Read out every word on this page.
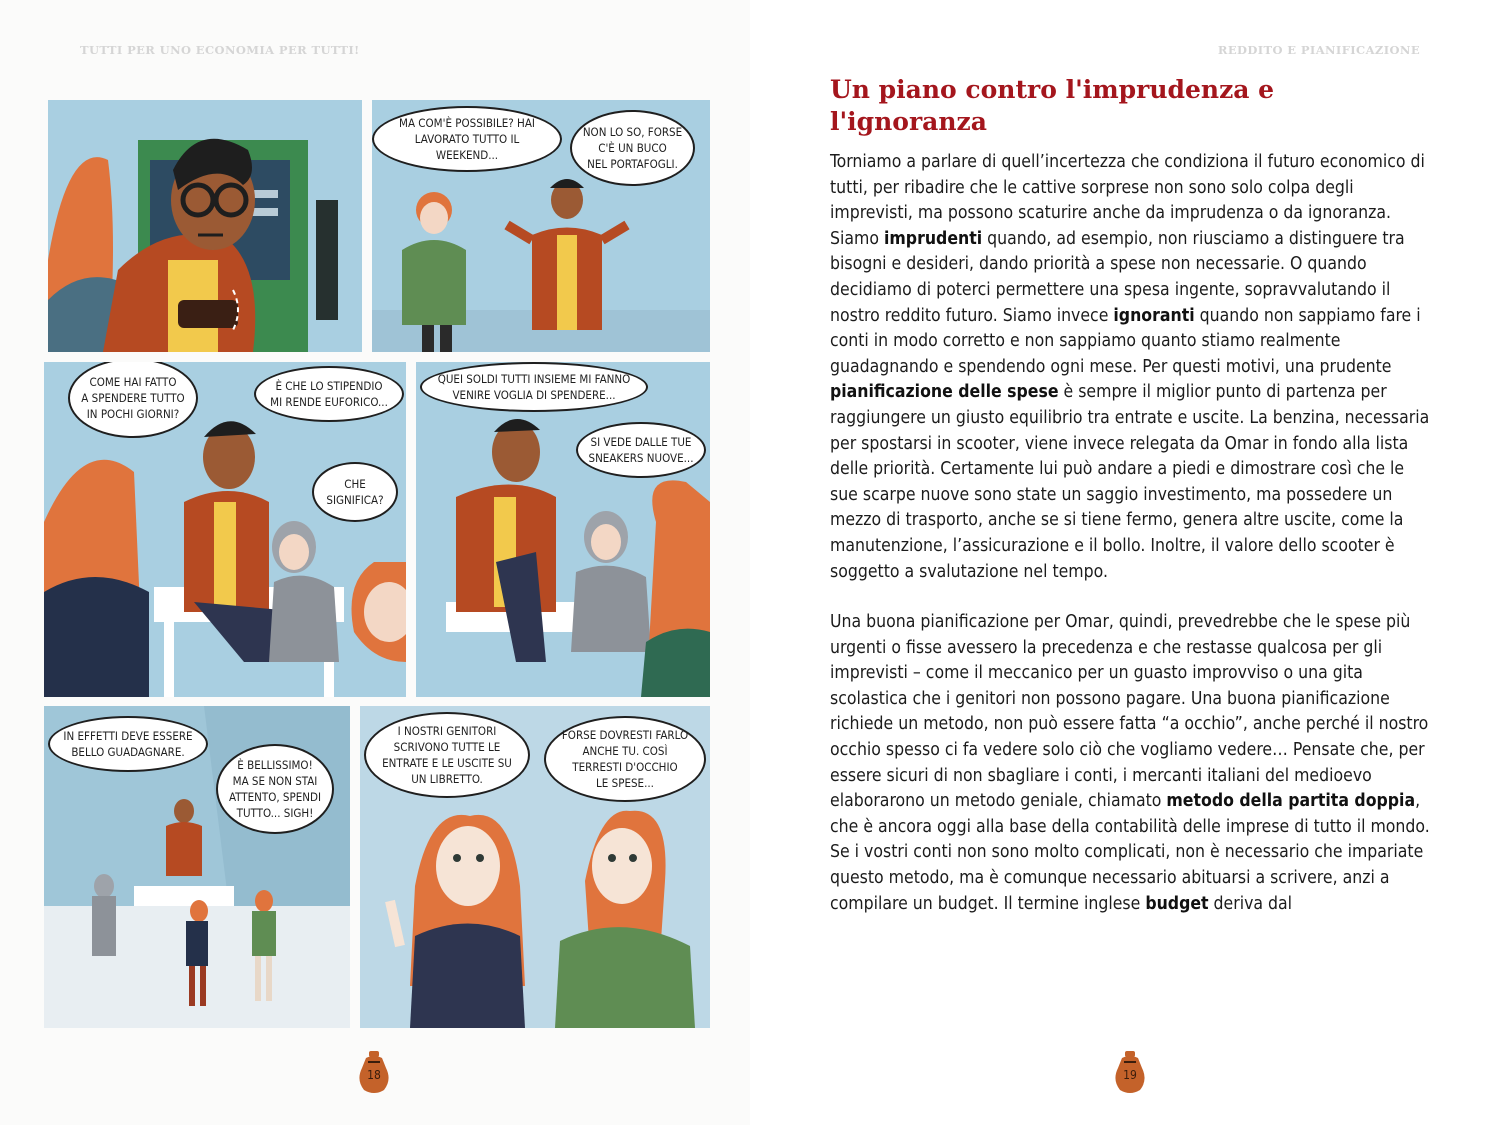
TUTTI PER UNO ECONOMIA PER TUTTI!
MA COM'È POSSIBILE? HAI
LAVORATO TUTTO IL WEEKEND...
NON LO SO, FORSE
C'È UN BUCO
NEL PORTAFOGLI.
COME HAI FATTO
A SPENDERE TUTTO
IN POCHI GIORNI?
È CHE LO STIPENDIO
MI RENDE EUFORICO...
CHE
SIGNIFICA?
QUEI SOLDI TUTTI INSIEME MI FANNO
VENIRE VOGLIA DI SPENDERE...
SI VEDE DALLE TUE
SNEAKERS NUOVE...
IN EFFETTI DEVE ESSERE
BELLO GUADAGNARE.
È BELLISSIMO!
MA SE NON STAI
ATTENTO, SPENDI
TUTTO... SIGH!
I NOSTRI GENITORI
SCRIVONO TUTTE LE
ENTRATE E LE USCITE SU
UN LIBRETTO.
FORSE DOVRESTI FARLO
ANCHE TU. COSÌ
TERRESTI D'OCCHIO
LE SPESE...
18
REDDITO E PIANIFICAZIONE
Un piano contro l'imprudenza e l'ignoranza

Torniamo a parlare di quell’incertezza che condiziona il futuro economico di tutti, per ribadire che le cattive sorprese non sono solo colpa degli imprevisti, ma possono scaturire anche da imprudenza o da ignoranza. Siamo imprudenti quando, ad esempio, non riusciamo a distinguere tra bisogni e desideri, dando priorità a spese non necessarie. O quando decidiamo di poterci permettere una spesa ingente, sopravvalutando il nostro reddito futuro. Siamo invece ignoranti quando non sappiamo fare i conti in modo corretto e non sappiamo quanto stiamo realmente guadagnando e spendendo ogni mese. Per questi motivi, una prudente pianificazione delle spese è sempre il miglior punto di partenza per raggiungere un giusto equilibrio tra entrate e uscite. La benzina, necessaria per spostarsi in scooter, viene invece relegata da Omar in fondo alla lista delle priorità. Certamente lui può andare a piedi e dimostrare così che le sue scarpe nuove sono state un saggio investimento, ma possedere un mezzo di trasporto, anche se si tiene fermo, genera altre uscite, come la manutenzione, l’assicurazione e il bollo. Inoltre, il valore dello scooter è soggetto a svalutazione nel tempo.

Una buona pianificazione per Omar, quindi, prevedrebbe che le spese più urgenti o fisse avessero la precedenza e che restasse qualcosa per gli imprevisti – come il meccanico per un guasto improvviso o una gita scolastica che i genitori non possono pagare. Una buona pianificazione richiede un metodo, non può essere fatta “a occhio”, anche perché il nostro occhio spesso ci fa vedere solo ciò che vogliamo vedere… Pensate che, per essere sicuri di non sbagliare i conti, i mercanti italiani del medioevo elaborarono un metodo geniale, chiamato metodo della partita doppia, che è ancora oggi alla base della contabilità delle imprese di tutto il mondo. Se i vostri conti non sono molto complicati, non è necessario che impariate questo metodo, ma è comunque necessario abituarsi a scrivere, anzi a compilare un budget. Il termine inglese budget deriva dal

19
